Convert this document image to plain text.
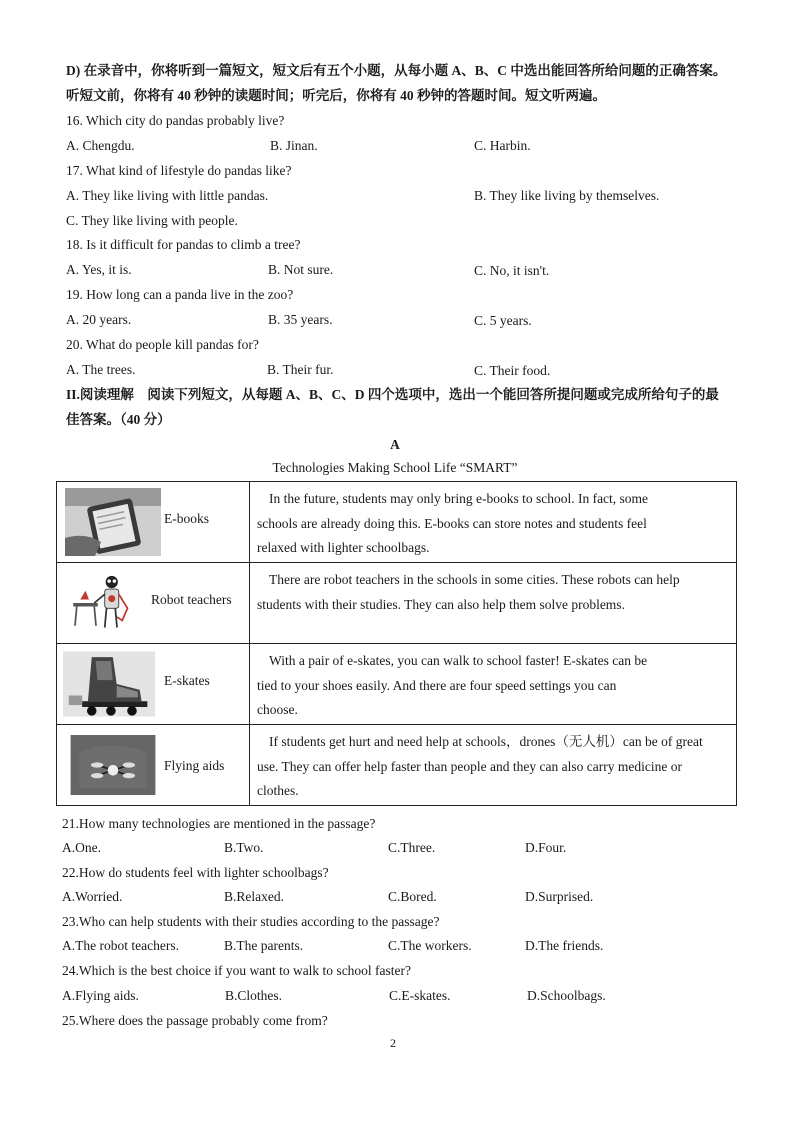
D) 在录音中，你将听到一篇短文，短文后有五个小题，从每小题 A、B、C 中选出能回答所给问题的正确答案。
听短文前，你将有 40 秒钟的读题时间；听完后，你将有 40 秒钟的答题时间。短文听两遍。
16. Which city do pandas probably live?
A. Chengdu.	B. Jinan.	C. Harbin.
17. What kind of lifestyle do pandas like?
A. They like living with little pandas.	B. They like living by themselves.
C. They like living with people.
18. Is it difficult for pandas to climb a tree?
A. Yes, it is.	B. Not sure.	C. No, it isn't.
19. How long can a panda live in the zoo?
A. 20 years.	B. 35 years.	C. 5 years.
20. What do people kill pandas for?
A. The trees.	B. Their fur.	C. Their food.
II.阅读理解　阅读下列短文，从每题 A、B、C、D 四个选项中，选出一个能回答所提问题或完成所给句子的最
佳答案。（40 分）
A
Technologies Making School Life “SMART”
E-books	In the future, students may only bring e-books to school. In fact, some
schools are already doing this. E-books can store notes and students feel
relaxed with lighter schoolbags.

Robot teachers	There are robot teachers in the schools in some cities. These robots can help
students with their studies. They can also help them solve problems.

E-skates	With a pair of e-skates, you can walk to school faster! E-skates can be
tied to your shoes easily. And there are four speed settings you can
choose.

Flying aids	If students get hurt and need help at schools，drones（无人机）can be of great
use. They can offer help faster than people and they can also carry medicine or
clothes.
21.How many technologies are mentioned in the passage?
A.One.	B.Two.	C.Three.	D.Four.
22.How do students feel with lighter schoolbags?
A.Worried.	B.Relaxed.	C.Bored.	D.Surprised.
23.Who can help students with their studies according to the passage?
A.The robot teachers.	B.The parents.	C.The workers.	D.The friends.
24.Which is the best choice if you want to walk to school faster?
A.Flying aids.	B.Clothes.	C.E-skates.	D.Schoolbags.
25.Where does the passage probably come from?
2
